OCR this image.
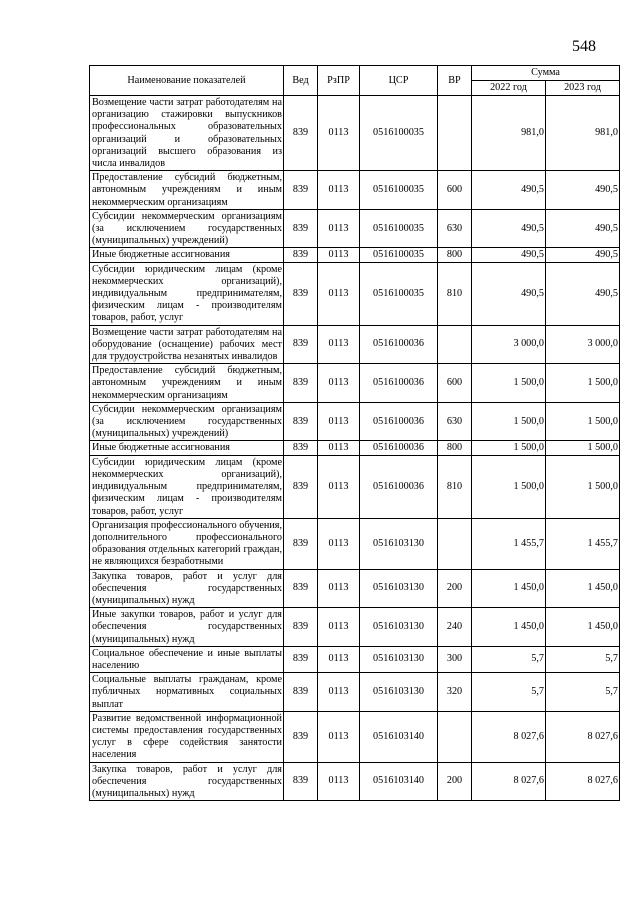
548
Наименование показателей	Вед	РзПР	ЦСР	ВР	Сумма	
					2022 год	2023 год
Возмещение части затрат работодателям на организацию стажировки выпускников профессиональных образовательных организаций и образовательных организаций высшего образования из числа инвалидов	839	0113	0516100035		981,0	981,0
Предоставление субсидий бюджетным, автономным учреждениям и иным некоммерческим организациям	839	0113	0516100035	600	490,5	490,5
Субсидии некоммерческим организациям (за исключением государственных (муниципальных) учреждений)	839	0113	0516100035	630	490,5	490,5
Иные бюджетные ассигнования	839	0113	0516100035	800	490,5	490,5
Субсидии юридическим лицам (кроме некоммерческих организаций), индивидуальным предпринимателям, физическим лицам - производителям товаров, работ, услуг	839	0113	0516100035	810	490,5	490,5
Возмещение части затрат работодателям на оборудование (оснащение) рабочих мест для трудоустройства незанятых инвалидов	839	0113	0516100036		3 000,0	3 000,0
Предоставление субсидий бюджетным, автономным учреждениям и иным некоммерческим организациям	839	0113	0516100036	600	1 500,0	1 500,0
Субсидии некоммерческим организациям (за исключением государственных (муниципальных) учреждений)	839	0113	0516100036	630	1 500,0	1 500,0
Иные бюджетные ассигнования	839	0113	0516100036	800	1 500,0	1 500,0
Субсидии юридическим лицам (кроме некоммерческих организаций), индивидуальным предпринимателям, физическим лицам - производителям товаров, работ, услуг	839	0113	0516100036	810	1 500,0	1 500,0
Организация профессионального обучения, дополнительного профессионального образования отдельных категорий граждан, не являющихся безработными	839	0113	0516103130		1 455,7	1 455,7
Закупка товаров, работ и услуг для обеспечения государственных (муниципальных) нужд	839	0113	0516103130	200	1 450,0	1 450,0
Иные закупки товаров, работ и услуг для обеспечения государственных (муниципальных) нужд	839	0113	0516103130	240	1 450,0	1 450,0
Социальное обеспечение и иные выплаты населению	839	0113	0516103130	300	5,7	5,7
Социальные выплаты гражданам, кроме публичных нормативных социальных выплат	839	0113	0516103130	320	5,7	5,7
Развитие ведомственной информационной системы предоставления государственных услуг в сфере содействия занятости населения	839	0113	0516103140		8 027,6	8 027,6
Закупка товаров, работ и услуг для обеспечения государственных (муниципальных) нужд	839	0113	0516103140	200	8 027,6	8 027,6
